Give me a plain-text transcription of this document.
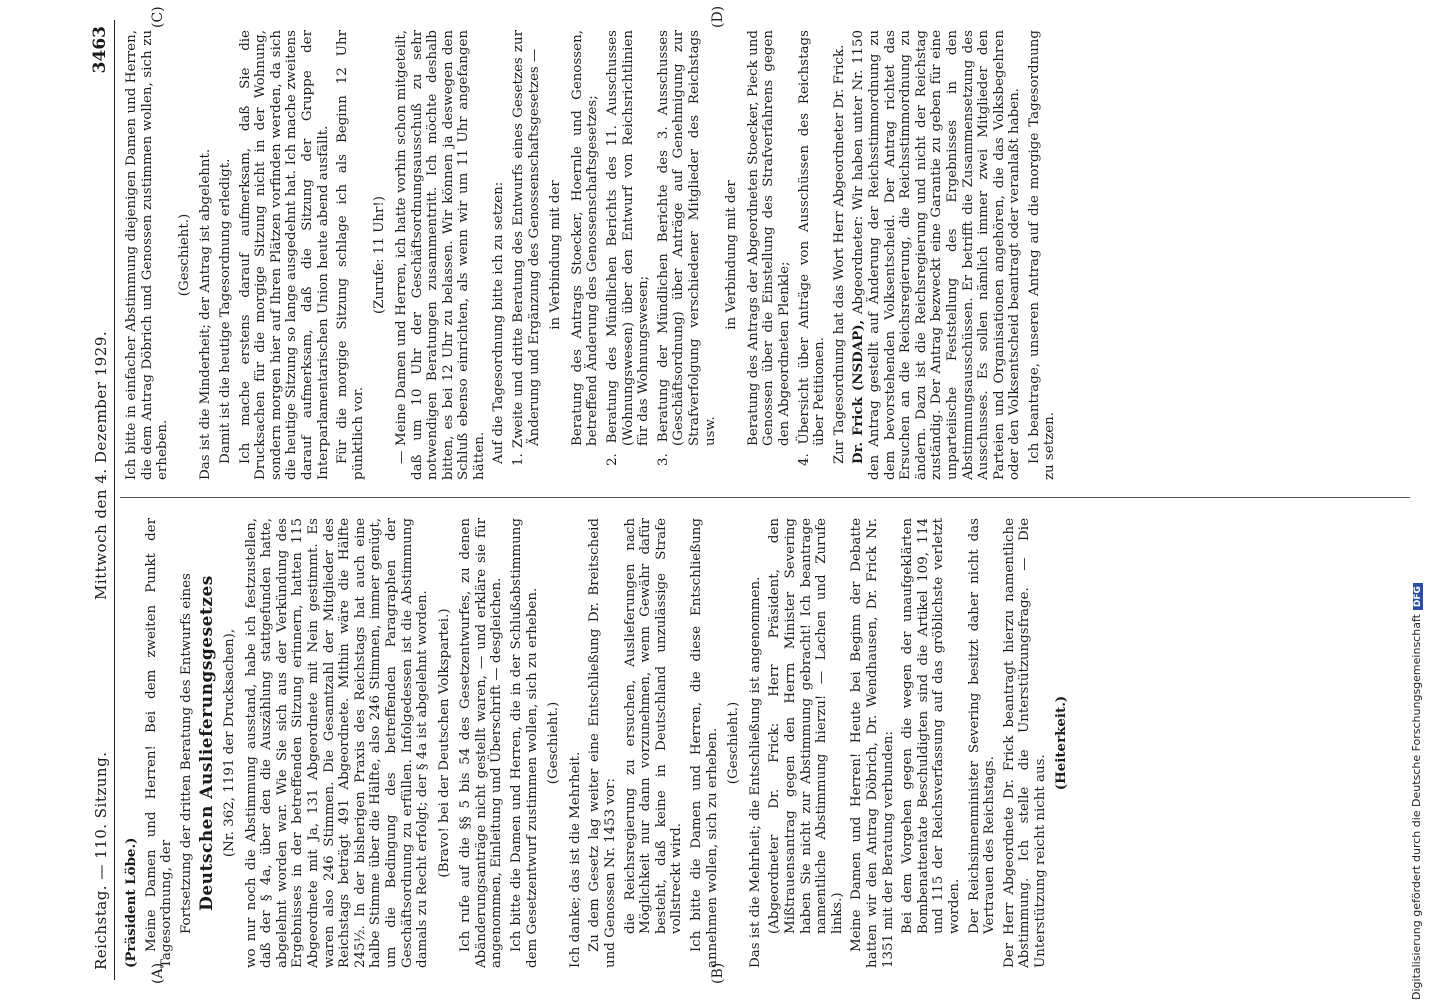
Reichstag. — 110. Sitzung.
Mittwoch den 4. Dezember 1929.
3463
(A)	(B)
(C)	(D)

(Präsident Löbe.) Meine Damen und Herren! Bei dem zweiten Punkt der Tagesordnung, der Fortsetzung der dritten Beratung des Entwurfs eines Deutschen Auslieferungsgesetzes (Nr. 362, 1191 der Drucksachen), wo nur noch die Abstimmung ausstand, habe ich festzustellen, daß der § 4a, über den die Auszählung stattgefunden hatte, abgelehnt worden war. Wie Sie sich aus der Verkündung des Ergebnisses in der betreffenden Sitzung erinnern, hatten 115 Abgeordnete mit Ja, 131 Abgeordnete mit Nein gestimmt. Es waren also 246 Stimmen. Die Gesamtzahl der Mitglieder des Reichstags beträgt 491 Abgeordnete. Mithin wäre die Hälfte 245½. In der bisherigen Praxis des Reichstags hat auch eine halbe Stimme über die Hälfte, also 246 Stimmen, immer genügt, um die Bedingung des betreffenden Paragraphen der Geschäftsordnung zu erfüllen. Infolgedessen ist die Abstimmung damals zu Recht erfolgt; der § 4a ist abgelehnt worden. (Bravo! bei der Deutschen Volkspartei.) Ich rufe auf die §§ 5 bis 54 des Gesetzentwurfes, zu denen Abänderungsanträge nicht gestellt waren, — und erkläre sie für angenommen, Einleitung und Überschrift — desgleichen. Ich bitte die Damen und Herren, die in der Schlußabstimmung dem Gesetzentwurf zustimmen wollen, sich zu erheben. (Geschieht.)

Ich danke; das ist die Mehrheit. Zu dem Gesetz lag weiter eine Entschließung Dr. Breitscheid und Genossen Nr. 1453 vor: die Reichsregierung zu ersuchen, Auslieferungen nach Möglichkeit nur dann vorzunehmen, wenn Gewähr dafür besteht, daß keine in Deutschland unzulässige Strafe vollstreckt wird. Ich bitte die Damen und Herren, die diese Entschließung annehmen wollen, sich zu erheben. (Geschieht.) Das ist die Mehrheit; die Entschließung ist angenommen. (Abgeordneter Dr. Frick: Herr Präsident, den Mißtrauensantrag gegen den Herrn Minister Severing haben Sie nicht zur Abstimmung gebracht! Ich beantrage namentliche Abstimmung hierzu! — Lachen und Zurufe links.) Meine Damen und Herren! Heute bei Beginn der Debatte hatten wir den Antrag Döbrich, Dr. Wendhausen, Dr. Frick Nr. 1351 mit der Beratung verbunden: Bei dem Vorgehen gegen die wegen der unaufgeklärten Bombenattentate Beschuldigten sind die Artikel 109, 114 und 115 der Reichsverfassung auf das gröblichste verletzt worden. Der Reichsinnenminister Severing besitzt daher nicht das Vertrauen des Reichstags. Der Herr Abgeordnete Dr. Frick beantragt hierzu namentliche Abstimmung. Ich stelle die Unterstützungsfrage. — Die Unterstützung reicht nicht aus.

(Heiterkeit.)

Ich bitte in einfacher Abstimmung diejenigen Damen und Herren, die dem Antrag Döbrich und Genossen zustimmen wollen, sich zu erheben.

(Geschieht.) Das ist die Minderheit; der Antrag ist abgelehnt. Damit ist die heutige Tagesordnung erledigt. Ich mache erstens darauf aufmerksam, daß Sie die Drucksachen für die morgige Sitzung nicht in der Wohnung, sondern morgen hier auf Ihren Plätzen vorfinden werden, da sich die heutige Sitzung so lange ausgedehnt hat. Ich mache zweitens darauf aufmerksam, daß die Sitzung der Gruppe der Interparlamentarischen Union heute abend ausfällt. Für die morgige Sitzung schlage ich als Beginn 12 Uhr pünktlich vor.

(Zurufe: 11 Uhr!) — Meine Damen und Herren, ich hatte vorhin schon mitgeteilt, daß um 10 Uhr der Geschäftsordnungsausschuß zu sehr notwendigen Beratungen zusammentritt. Ich möchte deshalb bitten, es bei 12 Uhr zu belassen. Wir können ja deswegen den Schluß ebenso einrichten, als wenn wir um 11 Uhr angefangen hätten. Auf die Tagesordnung bitte ich zu setzen: 1. Zweite und dritte Beratung des Entwurfs eines Gesetzes zur Änderung und Ergänzung des Genossenschaftsgesetzes — in Verbindung mit der Beratung des Antrags Stoecker, Hoernle und Genossen, betreffend Änderung des Genossenschaftsgesetzes; 2. Beratung des Mündlichen Berichts des 11. Ausschusses (Wohnungswesen) über den Entwurf von Reichsrichtlinien für das Wohnungswesen; 3. Beratung der Mündlichen Berichte des 3. Ausschusses (Geschäftsordnung) über Anträge auf Genehmigung zur Strafverfolgung verschiedener Mitglieder des Reichstags usw.

in Verbindung mit der Beratung des Antrags der Abgeordneten Stoecker, Pieck und Genossen über die Einstellung des Strafverfahrens gegen den Abgeordneten Plenkle; 4. Übersicht über Anträge von Ausschüssen des Reichstags über Petitionen. Zur Tagesordnung hat das Wort Herr Abgeordneter Dr. Frick. Dr. Frick (NSDAP), Abgeordneter: Wir haben unter Nr. 1150 den Antrag gestellt auf Änderung der Reichsstimmordnung zu dem bevorstehenden Volksentscheid. Der Antrag richtet das Ersuchen an die Reichsregierung, die Reichsstimmordnung zu ändern. Dazu ist die Reichsregierung und nicht der Reichstag zuständig. Der Antrag bezweckt eine Garantie zu geben für eine unparteiische Feststellung des Ergebnisses in den Abstimmungsausschüssen. Er betrifft die Zusammensetzung des Ausschusses. Es sollen nämlich immer zwei Mitglieder den Parteien und Organisationen angehören, die das Volksbegehren oder den Volksentscheid beantragt oder veranlaßt haben. Ich beantrage, unseren Antrag auf die morgige Tagesordnung zu setzen.

Digitalisierung gefördert durch die Deutsche ForschungsgemeinschaftDFG
